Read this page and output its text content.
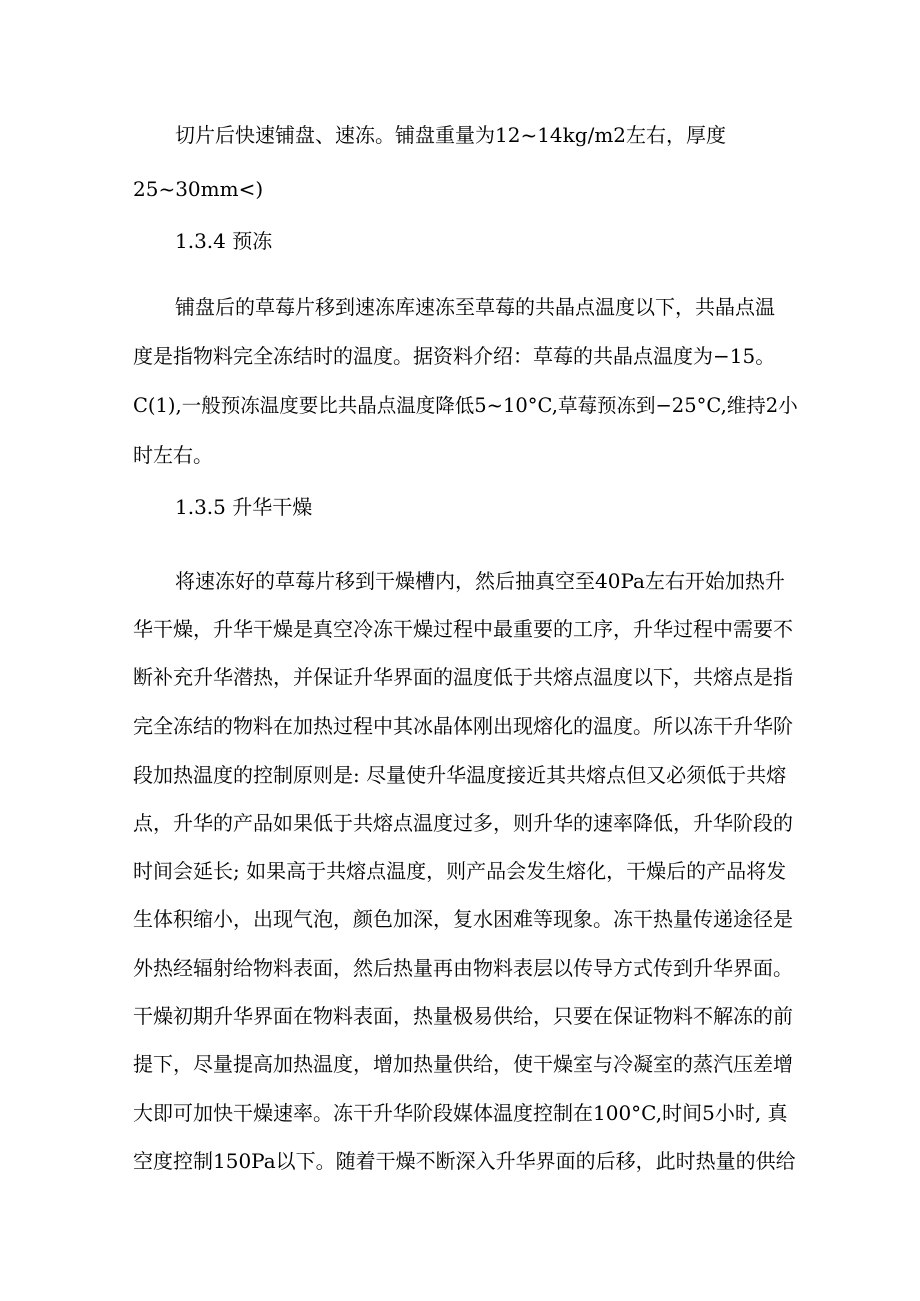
切片后快速铺盘、速冻。铺盘重量为12~14kg/m2左右，厚度
25~30mm<)
1.3.4 预冻
铺盘后的草莓片移到速冻库速冻至草莓的共晶点温度以下，共晶点温
度是指物料完全冻结时的温度。据资料介绍：草莓的共晶点温度为−15。
C(1),一般预冻温度要比共晶点温度降低5~10°C,草莓预冻到−25°C,维持2小
时左右。
1.3.5 升华干燥
将速冻好的草莓片移到干燥槽内，然后抽真空至40Pa左右开始加热升
华干燥，升华干燥是真空冷冻干燥过程中最重要的工序，升华过程中需要不
断补充升华潜热，并保证升华界面的温度低于共熔点温度以下，共熔点是指
完全冻结的物料在加热过程中其冰晶体刚出现熔化的温度。所以冻干升华阶
段加热温度的控制原则是: 尽量使升华温度接近其共熔点但又必须低于共熔
点，升华的产品如果低于共熔点温度过多，则升华的速率降低，升华阶段的
时间会延长; 如果高于共熔点温度，则产品会发生熔化，干燥后的产品将发
生体积缩小，出现气泡，颜色加深，复水困难等现象。冻干热量传递途径是
外热经辐射给物料表面，然后热量再由物料表层以传导方式传到升华界面。
干燥初期升华界面在物料表面，热量极易供给，只要在保证物料不解冻的前
提下，尽量提高加热温度，增加热量供给，使干燥室与冷凝室的蒸汽压差增
大即可加快干燥速率。冻干升华阶段媒体温度控制在100°C,时间5小时, 真
空度控制150Pa以下。随着干燥不断深入升华界面的后移，此时热量的供给
